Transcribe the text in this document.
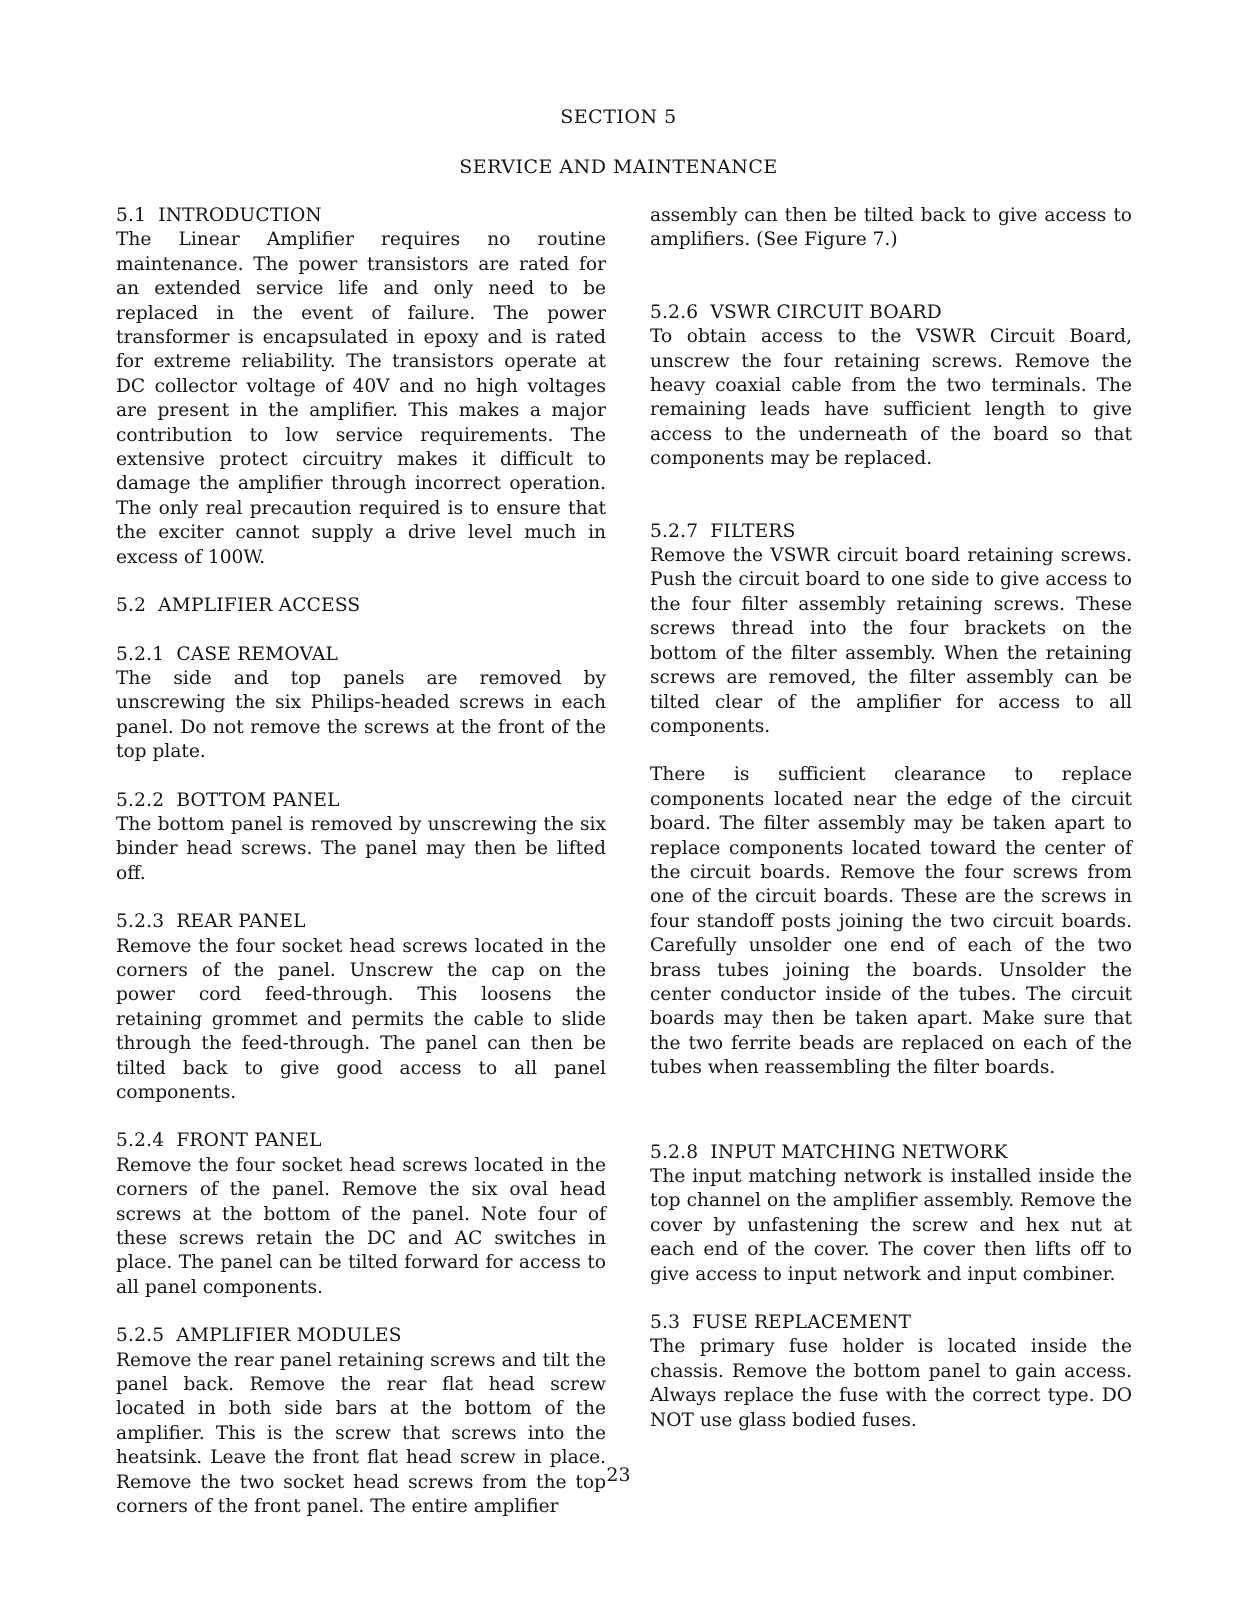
SECTION 5
SERVICE AND MAINTENANCE
5.1 INTRODUCTION
The Linear Amplifier requires no routine maintenance. The power transistors are rated for an extended service life and only need to be replaced in the event of failure. The power transformer is encapsulated in epoxy and is rated for extreme reliability. The transistors operate at DC collector voltage of 40V and no high voltages are present in the amplifier. This makes a major contribution to low service requirements. The extensive protect circuitry makes it difficult to damage the amplifier through incorrect operation. The only real precaution required is to ensure that the exciter cannot supply a drive level much in excess of 100W.
5.2 AMPLIFIER ACCESS
5.2.1 CASE REMOVAL
The side and top panels are removed by unscrewing the six Philips-headed screws in each panel. Do not remove the screws at the front of the top plate.
5.2.2 BOTTOM PANEL
The bottom panel is removed by unscrewing the six binder head screws. The panel may then be lifted off.
5.2.3 REAR PANEL
Remove the four socket head screws located in the corners of the panel. Unscrew the cap on the power cord feed-through. This loosens the retaining grommet and permits the cable to slide through the feed-through. The panel can then be tilted back to give good access to all panel components.
5.2.4 FRONT PANEL
Remove the four socket head screws located in the corners of the panel. Remove the six oval head screws at the bottom of the panel. Note four of these screws retain the DC and AC switches in place. The panel can be tilted forward for access to all panel components.
5.2.5 AMPLIFIER MODULES
Remove the rear panel retaining screws and tilt the panel back. Remove the rear flat head screw located in both side bars at the bottom of the amplifier. This is the screw that screws into the heatsink. Leave the front flat head screw in place. Remove the two socket head screws from the top corners of the front panel. The entire amplifier
assembly can then be tilted back to give access to amplifiers. (See Figure 7.)
5.2.6 VSWR CIRCUIT BOARD
To obtain access to the VSWR Circuit Board, unscrew the four retaining screws. Remove the heavy coaxial cable from the two terminals. The remaining leads have sufficient length to give access to the underneath of the board so that components may be replaced.
5.2.7 FILTERS
Remove the VSWR circuit board retaining screws. Push the circuit board to one side to give access to the four filter assembly retaining screws. These screws thread into the four brackets on the bottom of the filter assembly. When the retaining screws are removed, the filter assembly can be tilted clear of the amplifier for access to all components.
There is sufficient clearance to replace components located near the edge of the circuit board. The filter assembly may be taken apart to replace components located toward the center of the circuit boards. Remove the four screws from one of the circuit boards. These are the screws in four standoff posts joining the two circuit boards. Carefully unsolder one end of each of the two brass tubes joining the boards. Unsolder the center conductor inside of the tubes. The circuit boards may then be taken apart. Make sure that the two ferrite beads are replaced on each of the tubes when reassembling the filter boards.
5.2.8 INPUT MATCHING NETWORK
The input matching network is installed inside the top channel on the amplifier assembly. Remove the cover by unfastening the screw and hex nut at each end of the cover. The cover then lifts off to give access to input network and input combiner.
5.3 FUSE REPLACEMENT
The primary fuse holder is located inside the chassis. Remove the bottom panel to gain access. Always replace the fuse with the correct type. DO NOT use glass bodied fuses.
23
